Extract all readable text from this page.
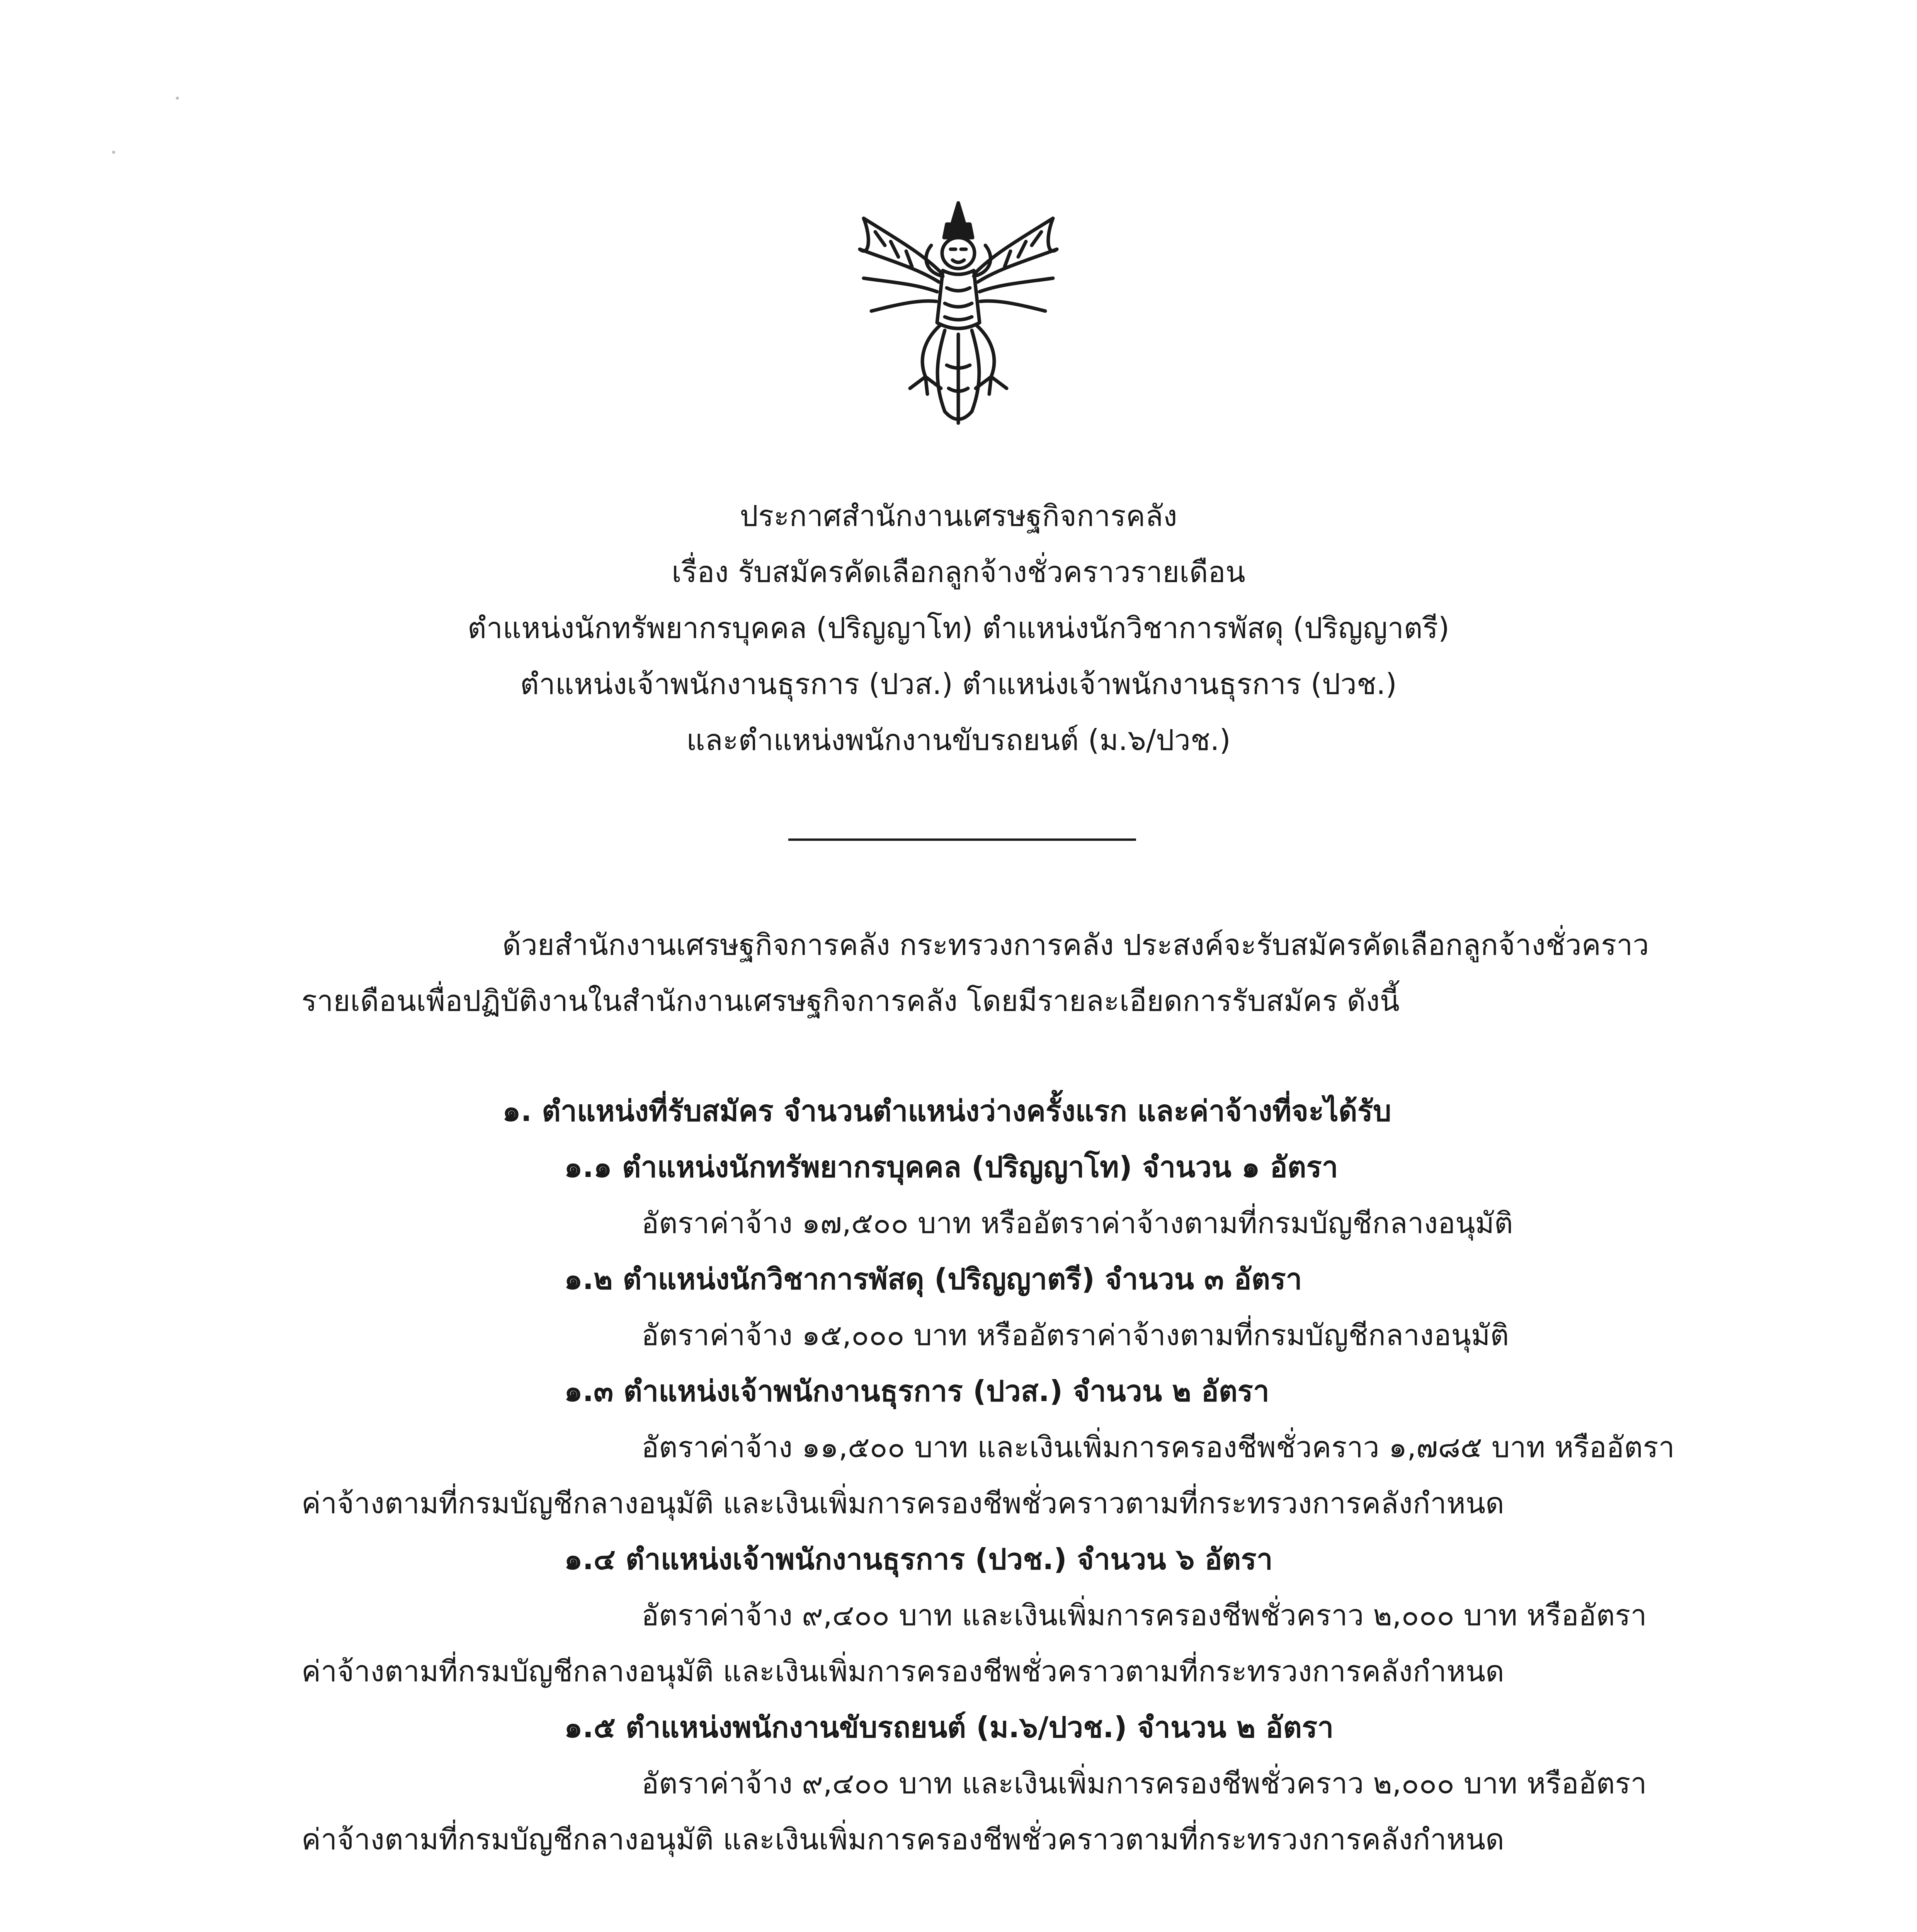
ประกาศสำนักงานเศรษฐกิจการคลัง
เรื่อง รับสมัครคัดเลือกลูกจ้างชั่วคราวรายเดือน
ตำแหน่งนักทรัพยากรบุคคล (ปริญญาโท) ตำแหน่งนักวิชาการพัสดุ (ปริญญาตรี)
ตำแหน่งเจ้าพนักงานธุรการ (ปวส.) ตำแหน่งเจ้าพนักงานธุรการ (ปวช.)
และตำแหน่งพนักงานขับรถยนต์ (ม.๖/ปวช.)
ด้วยสำนักงานเศรษฐกิจการคลัง กระทรวงการคลัง ประสงค์จะรับสมัครคัดเลือกลูกจ้างชั่วคราว
รายเดือนเพื่อปฏิบัติงานในสำนักงานเศรษฐกิจการคลัง โดยมีรายละเอียดการรับสมัคร ดังนี้
๑. ตำแหน่งที่รับสมัคร จำนวนตำแหน่งว่างครั้งแรก และค่าจ้างที่จะได้รับ
๑.๑ ตำแหน่งนักทรัพยากรบุคคล (ปริญญาโท) จำนวน ๑ อัตรา
อัตราค่าจ้าง ๑๗,๕๐๐ บาท หรืออัตราค่าจ้างตามที่กรมบัญชีกลางอนุมัติ
๑.๒ ตำแหน่งนักวิชาการพัสดุ (ปริญญาตรี) จำนวน ๓ อัตรา
อัตราค่าจ้าง ๑๕,๐๐๐ บาท หรืออัตราค่าจ้างตามที่กรมบัญชีกลางอนุมัติ
๑.๓ ตำแหน่งเจ้าพนักงานธุรการ (ปวส.) จำนวน ๒ อัตรา
อัตราค่าจ้าง ๑๑,๕๐๐ บาท และเงินเพิ่มการครองชีพชั่วคราว ๑,๗๘๕ บาท หรืออัตรา
ค่าจ้างตามที่กรมบัญชีกลางอนุมัติ และเงินเพิ่มการครองชีพชั่วคราวตามที่กระทรวงการคลังกำหนด
๑.๔ ตำแหน่งเจ้าพนักงานธุรการ (ปวช.) จำนวน ๖ อัตรา
อัตราค่าจ้าง ๙,๔๐๐ บาท และเงินเพิ่มการครองชีพชั่วคราว ๒,๐๐๐ บาท หรืออัตรา
ค่าจ้างตามที่กรมบัญชีกลางอนุมัติ และเงินเพิ่มการครองชีพชั่วคราวตามที่กระทรวงการคลังกำหนด
๑.๕ ตำแหน่งพนักงานขับรถยนต์ (ม.๖/ปวช.) จำนวน ๒ อัตรา
อัตราค่าจ้าง ๙,๔๐๐ บาท และเงินเพิ่มการครองชีพชั่วคราว ๒,๐๐๐ บาท หรืออัตรา
ค่าจ้างตามที่กรมบัญชีกลางอนุมัติ และเงินเพิ่มการครองชีพชั่วคราวตามที่กระทรวงการคลังกำหนด
